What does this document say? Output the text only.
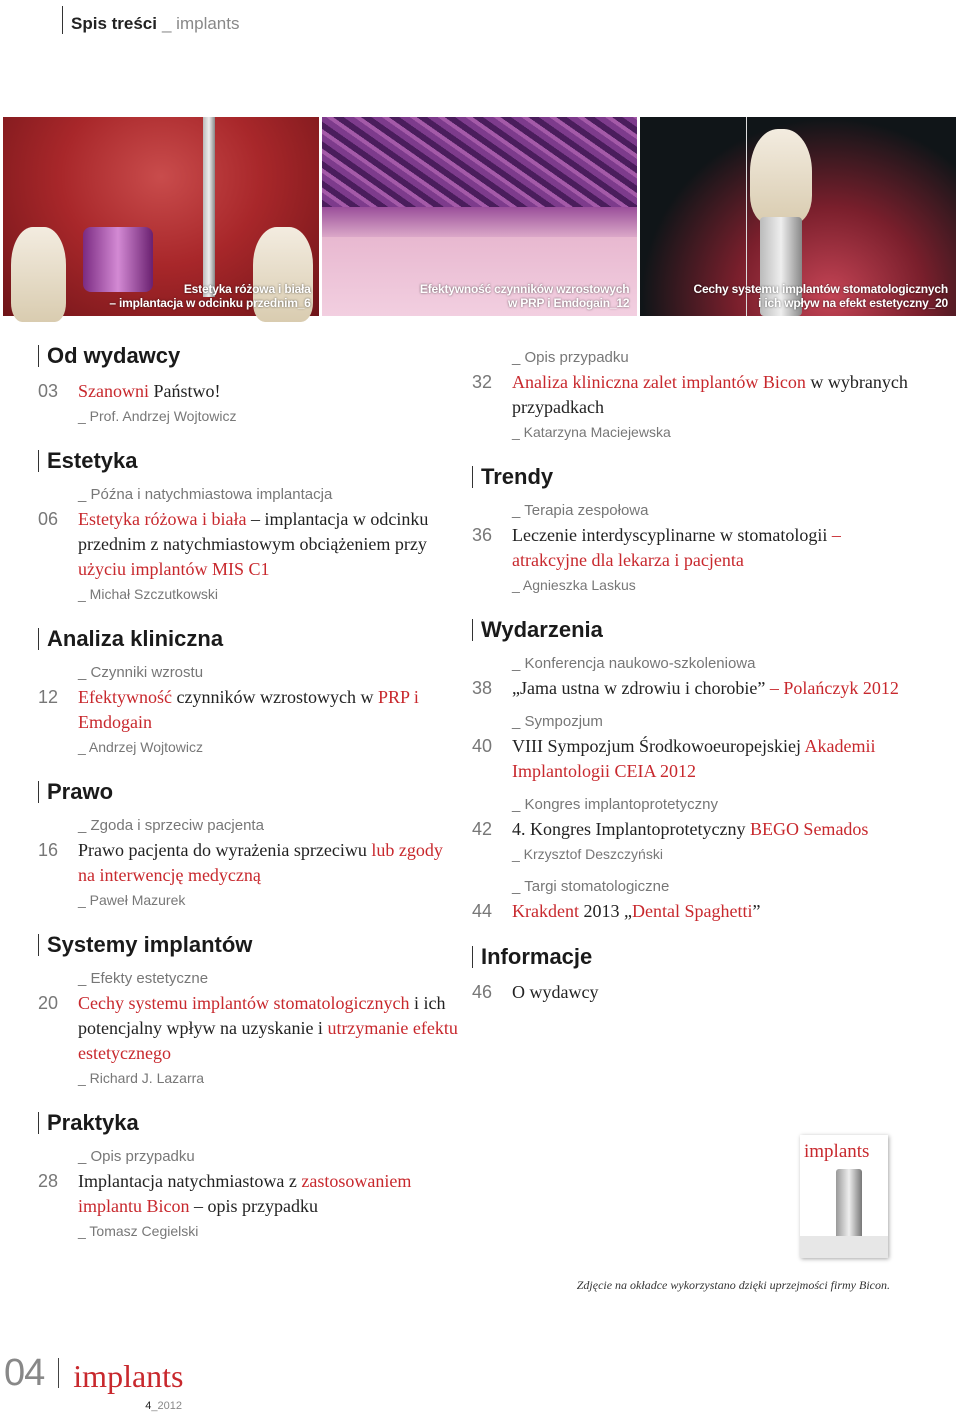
Spis treści _ implants
Estetyka różowa i biała
– implantacja w odcinku przednim_6
Efektywność czynników wzrostowych
w PRP i Emdogain_12
Cechy systemu implantów stomatologicznych
i ich wpływ na efekt estetyczny_20
Od wydawcy
03	Szanowni Państwo!
_ Prof. Andrzej Wojtowicz
Estetyka
_ Późna i natychmiastowa implantacja
06	Estetyka różowa i biała – implantacja w odcinku przednim z natychmiastowym obciążeniem przy użyciu implantów MIS C1
_ Michał Szczutkowski
Analiza kliniczna
_ Czynniki wzrostu
12	Efektywność czynników wzrostowych w PRP i Emdogain
_ Andrzej Wojtowicz
Prawo
_ Zgoda i sprzeciw pacjenta
16	Prawo pacjenta do wyrażenia sprzeciwu lub zgody na interwencję medyczną
_ Paweł Mazurek
Systemy implantów
_ Efekty estetyczne
20	Cechy systemu implantów stomatologicznych i ich potencjalny wpływ na uzyskanie i utrzymanie efektu estetycznego
_ Richard J. Lazarra
Praktyka
_ Opis przypadku
28	Implantacja natychmiastowa z zastosowaniem implantu Bicon – opis przypadku
_ Tomasz Cegielski
_ Opis przypadku
32	Analiza kliniczna zalet implantów Bicon w wybranych przypadkach
_ Katarzyna Maciejewska
Trendy
_ Terapia zespołowa
36	Leczenie interdyscyplinarne w stomatologii – atrakcyjne dla lekarza i pacjenta
_ Agnieszka Laskus
Wydarzenia
_ Konferencja naukowo-szkoleniowa
38	„Jama ustna w zdrowiu i chorobie” – Polańczyk 2012
_ Sympozjum
40	VIII Sympozjum Środkowoeuropejskiej Akademii Implantologii CEIA 2012
_ Kongres implantoprotetyczny
42	4. Kongres Implantoprotetyczny BEGO Semados
_ Krzysztof Deszczyński
_ Targi stomatologiczne
44	Krakdent 2013 „Dental Spaghetti”
Informacje
46	O wydawcy
implants
Zdjęcie na okładce wykorzystano dzięki uprzejmości firmy Bicon.
04 implants
4_2012
